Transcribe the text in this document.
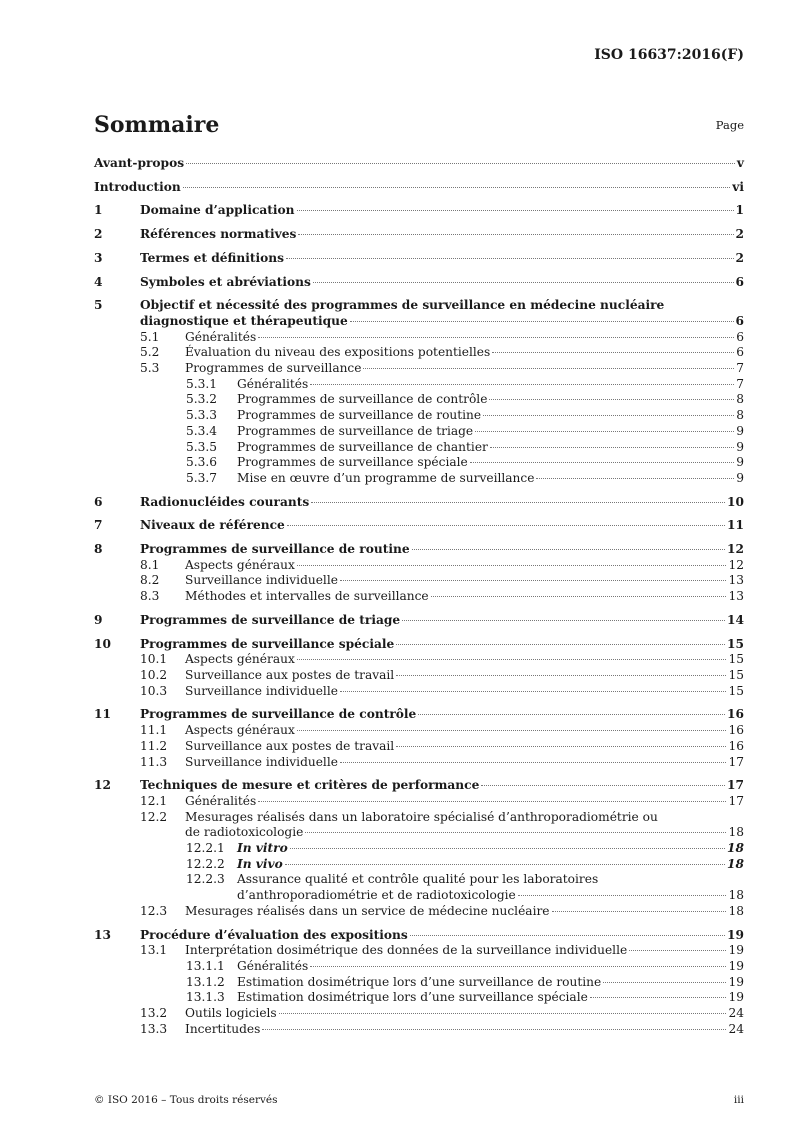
ISO 16637:2016(F)
Sommaire	Page
Avant-propos	v
Introduction	vi
1	Domaine d’application	1
2	Références normatives	2
3	Termes et définitions	2
4	Symboles et abréviations	6
5	Objectif et nécessité des programmes de surveillance en médecine nucléaire
diagnostique et thérapeutique	6
5.1 Généralités	6
5.2 Évaluation du niveau des expositions potentielles	6
5.3 Programmes de surveillance	7
5.3.1 Généralités	7
5.3.2 Programmes de surveillance de contrôle	8
5.3.3 Programmes de surveillance de routine	8
5.3.4 Programmes de surveillance de triage	9
5.3.5 Programmes de surveillance de chantier	9
5.3.6 Programmes de surveillance spéciale	9
5.3.7 Mise en œuvre d’un programme de surveillance	9
6	Radionucléides courants	10
7	Niveaux de référence	11
8	Programmes de surveillance de routine	12
8.1 Aspects généraux	12
8.2 Surveillance individuelle	13
8.3 Méthodes et intervalles de surveillance	13
9	Programmes de surveillance de triage	14
10 Programmes de surveillance spéciale	15
10.1 Aspects généraux	15
10.2 Surveillance aux postes de travail	15
10.3 Surveillance individuelle	15
11 Programmes de surveillance de contrôle	16
11.1 Aspects généraux	16
11.2 Surveillance aux postes de travail	16
11.3 Surveillance individuelle	17
12 Techniques de mesure et critères de performance	17
12.1 Généralités	17
12.2 Mesurages réalisés dans un laboratoire spécialisé d’anthroporadiométrie ou
de radiotoxicologie	18
12.2.1 In vitro	18
12.2.2 In vivo	18
12.2.3 Assurance qualité et contrôle qualité pour les laboratoires
d’anthroporadiométrie et de radiotoxicologie	18
12.3 Mesurages réalisés dans un service de médecine nucléaire	18
13 Procédure d’évaluation des expositions	19
13.1 Interprétation dosimétrique des données de la surveillance individuelle	19
13.1.1 Généralités	19
13.1.2 Estimation dosimétrique lors d’une surveillance de routine	19
13.1.3 Estimation dosimétrique lors d’une surveillance spéciale	19
13.2 Outils logiciels	24
13.3 Incertitudes	24
© ISO 2016 – Tous droits réservés	iii
